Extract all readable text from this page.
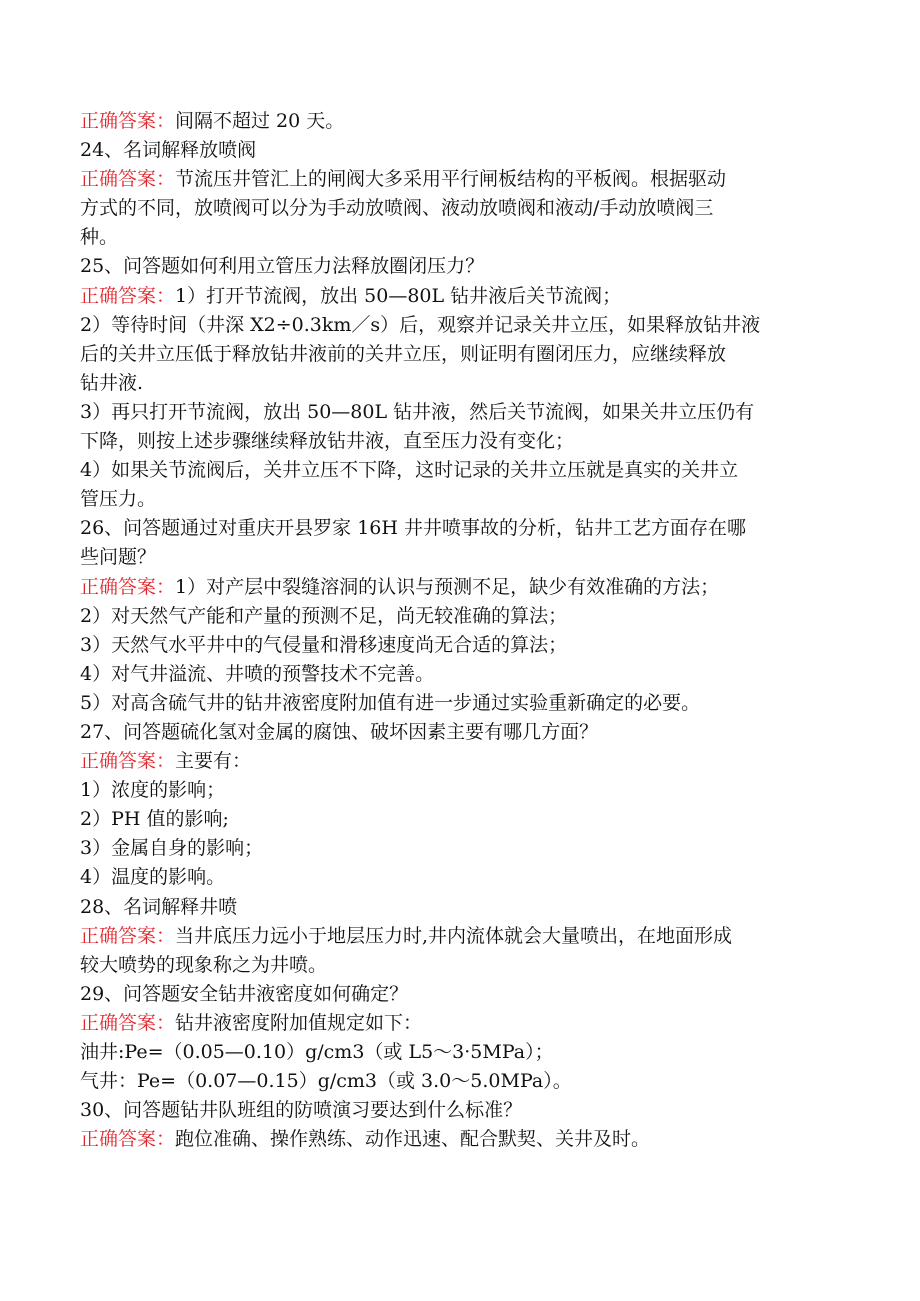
正确答案：间隔不超过 20 天。
24、名词解释放喷阀
正确答案：节流压井管汇上的闸阀大多采用平行闸板结构的平板阀。根据驱动
方式的不同，放喷阀可以分为手动放喷阀、液动放喷阀和液动/手动放喷阀三
种。
25、问答题如何利用立管压力法释放圈闭压力？
正确答案：1）打开节流阀，放出 50—80L 钻井液后关节流阀；
2）等待时间（井深 X2÷0.3km／s）后，观察并记录关井立压，如果释放钻井液
后的关井立压低于释放钻井液前的关井立压，则证明有圈闭压力，应继续释放
钻井液.
3）再只打开节流阀，放出 50—80L 钻井液，然后关节流阀，如果关井立压仍有
下降，则按上述步骤继续释放钻井液，直至压力没有变化；
4）如果关节流阀后，关井立压不下降，这时记录的关井立压就是真实的关井立
管压力。
26、问答题通过对重庆开县罗家 16H 井井喷事故的分析，钻井工艺方面存在哪
些问题？
正确答案：1）对产层中裂缝溶洞的认识与预测不足，缺少有效准确的方法；
2）对天然气产能和产量的预测不足，尚无较准确的算法；
3）天然气水平井中的气侵量和滑移速度尚无合适的算法；
4）对气井溢流、井喷的预警技术不完善。
5）对高含硫气井的钻井液密度附加值有进一步通过实验重新确定的必要。
27、问答题硫化氢对金属的腐蚀、破坏因素主要有哪几方面？
正确答案：主要有：
1）浓度的影响；
2）PH 值的影响;
3）金属自身的影响；
4）温度的影响。
28、名词解释井喷
正确答案：当井底压力远小于地层压力时,井内流体就会大量喷出，在地面形成
较大喷势的现象称之为井喷。
29、问答题安全钻井液密度如何确定？
正确答案：钻井液密度附加值规定如下：
油井:Pe=（0.05—0.10）g/cm3（或 L5～3·5MPa）；
气井：Pe=（0.07—0.15）g/cm3（或 3.0～5.0MPa）。
30、问答题钻井队班组的防喷演习要达到什么标准？
正确答案：跑位准确、操作熟练、动作迅速、配合默契、关井及时。
